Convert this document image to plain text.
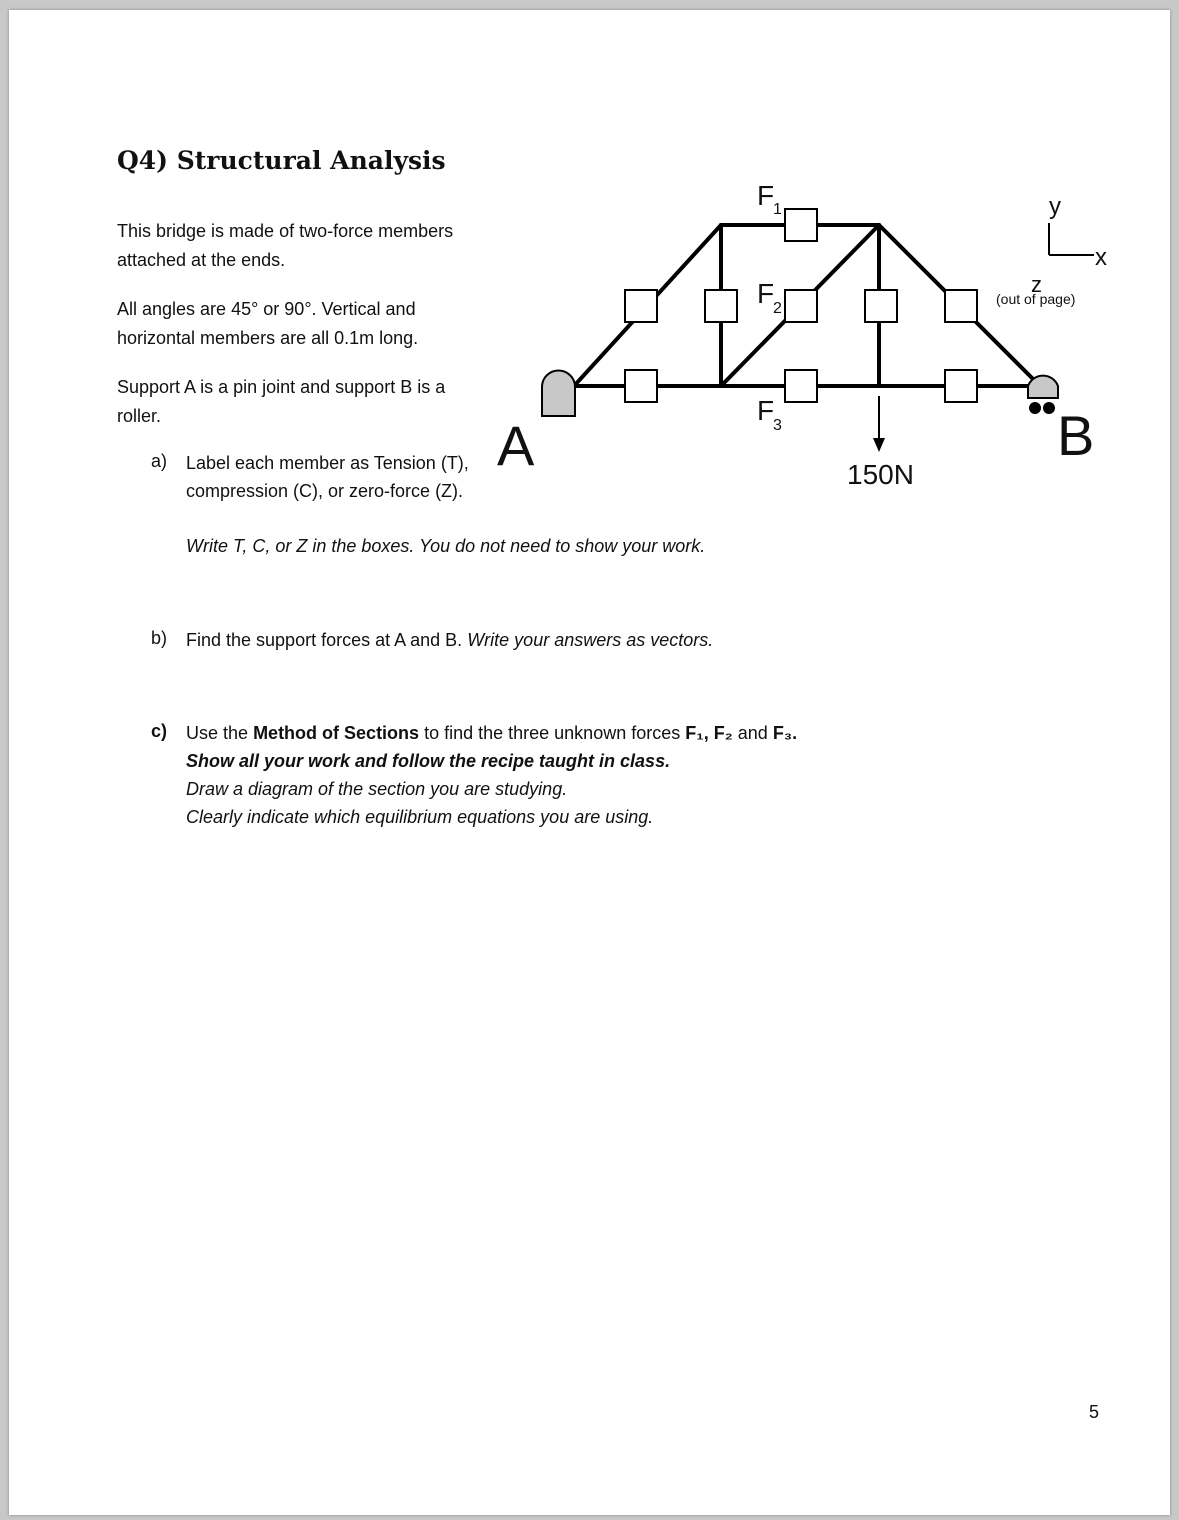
Q4) Structural Analysis
This bridge is made of two-force members
attached at the ends.
All angles are 45° or 90°. Vertical and
horizontal members are all 0.1m long.
Support A is a pin joint and support B is a
roller.
a) Label each member as Tension (T),
compression (C), or zero-force (Z).
Write T, C, or Z in the boxes. You do not need to show your work.
b) Find the support forces at A and B. Write your answers as vectors.
c) Use the Method of Sections to find the three unknown forces F₁, F₂ and F₃.
Show all your work and follow the recipe taught in class.
Draw a diagram of the section you are studying.
Clearly indicate which equilibrium equations you are using.
5
F
1
F
2
F
3
A	B
150N
y
x
z
(out of page)
